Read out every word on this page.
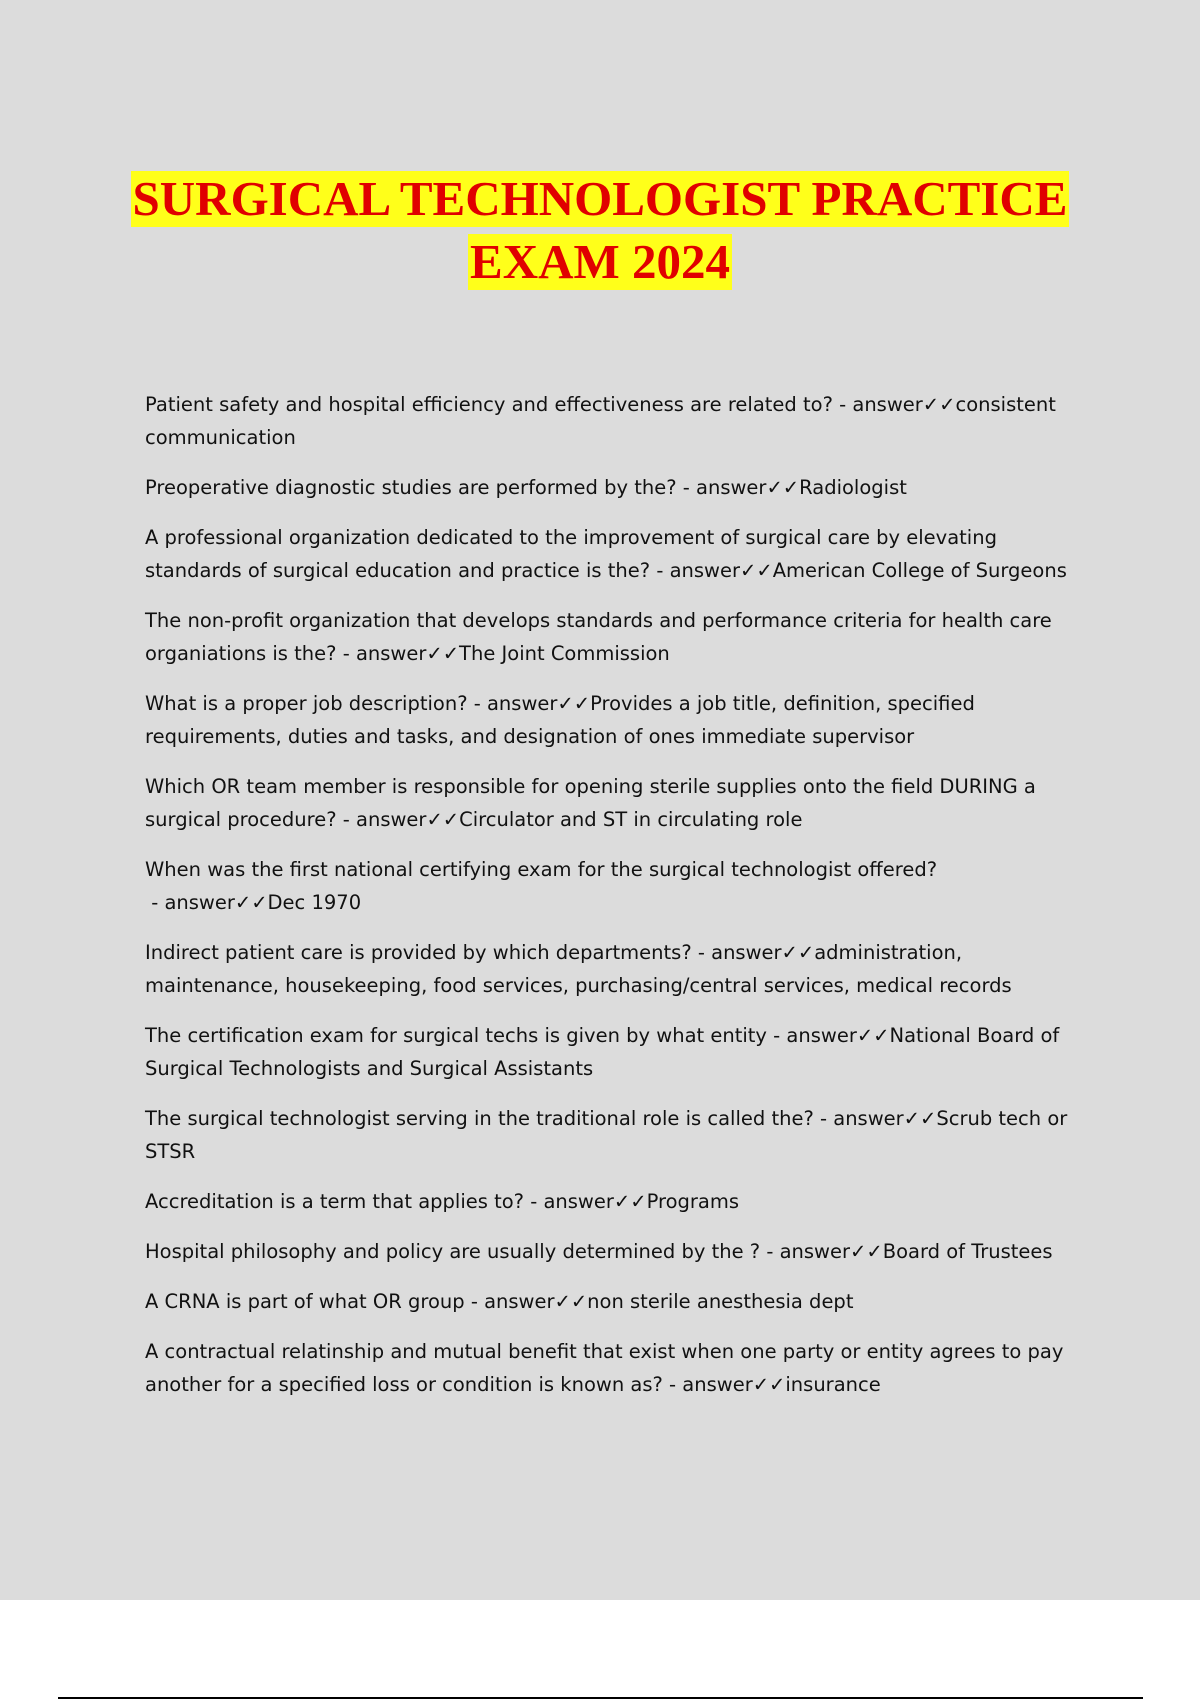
SURGICAL TECHNOLOGIST PRACTICE
EXAM 2024

Patient safety and hospital efficiency and effectiveness are related to? - answer✓✓consistent communication

Preoperative diagnostic studies are performed by the? - answer✓✓Radiologist

A professional organization dedicated to the improvement of surgical care by elevating standards of surgical education and practice is the? - answer✓✓American College of Surgeons

The non-profit organization that develops standards and performance criteria for health care organiations is the? - answer✓✓The Joint Commission

What is a proper job description? - answer✓✓Provides a job title, definition, specified requirements, duties and tasks, and designation of ones immediate supervisor

Which OR team member is responsible for opening sterile supplies onto the field DURING a surgical procedure? - answer✓✓Circulator and ST in circulating role

When was the first national certifying exam for the surgical technologist offered? - answer✓✓Dec 1970

Indirect patient care is provided by which departments? - answer✓✓administration, maintenance, housekeeping, food services, purchasing/central services, medical records

The certification exam for surgical techs is given by what entity - answer✓✓National Board of Surgical Technologists and Surgical Assistants

The surgical technologist serving in the traditional role is called the? - answer✓✓Scrub tech or STSR

Accreditation is a term that applies to? - answer✓✓Programs

Hospital philosophy and policy are usually determined by the ? - answer✓✓Board of Trustees

A CRNA is part of what OR group - answer✓✓non sterile anesthesia dept

A contractual relatinship and mutual benefit that exist when one party or entity agrees to pay another for a specified loss or condition is known as? - answer✓✓insurance
